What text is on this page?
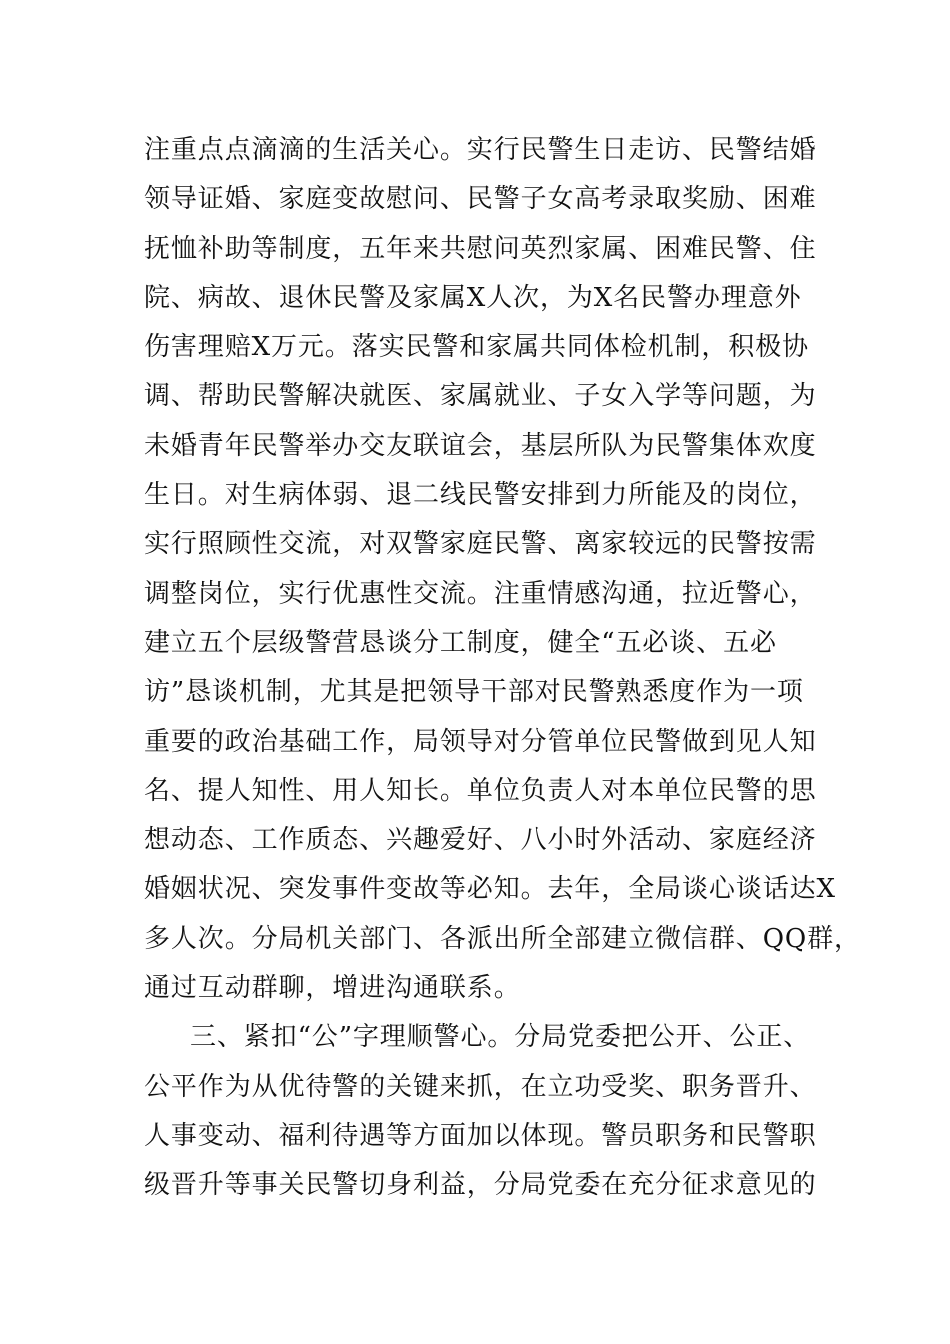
注重点点滴滴的生活关心。实行民警生日走访、民警结婚
领导证婚、家庭变故慰问、民警子女高考录取奖励、困难
抚恤补助等制度，五年来共慰问英烈家属、困难民警、住
院、病故、退休民警及家属X人次，为X名民警办理意外
伤害理赔X万元。落实民警和家属共同体检机制，积极协
调、帮助民警解决就医、家属就业、子女入学等问题，为
未婚青年民警举办交友联谊会，基层所队为民警集体欢度
生日。对生病体弱、退二线民警安排到力所能及的岗位，
实行照顾性交流，对双警家庭民警、离家较远的民警按需
调整岗位，实行优惠性交流。注重情感沟通，拉近警心，
建立五个层级警营恳谈分工制度，健全“五必谈、五必
访”恳谈机制，尤其是把领导干部对民警熟悉度作为一项
重要的政治基础工作，局领导对分管单位民警做到见人知
名、提人知性、用人知长。单位负责人对本单位民警的思
想动态、工作质态、兴趣爱好、八小时外活动、家庭经济
婚姻状况、突发事件变故等必知。去年，全局谈心谈话达X
多人次。分局机关部门、各派出所全部建立微信群、QQ群，
通过互动群聊，增进沟通联系。
三、紧扣“公”字理顺警心。分局党委把公开、公正、
公平作为从优待警的关键来抓，在立功受奖、职务晋升、
人事变动、福利待遇等方面加以体现。警员职务和民警职
级晋升等事关民警切身利益，分局党委在充分征求意见的
